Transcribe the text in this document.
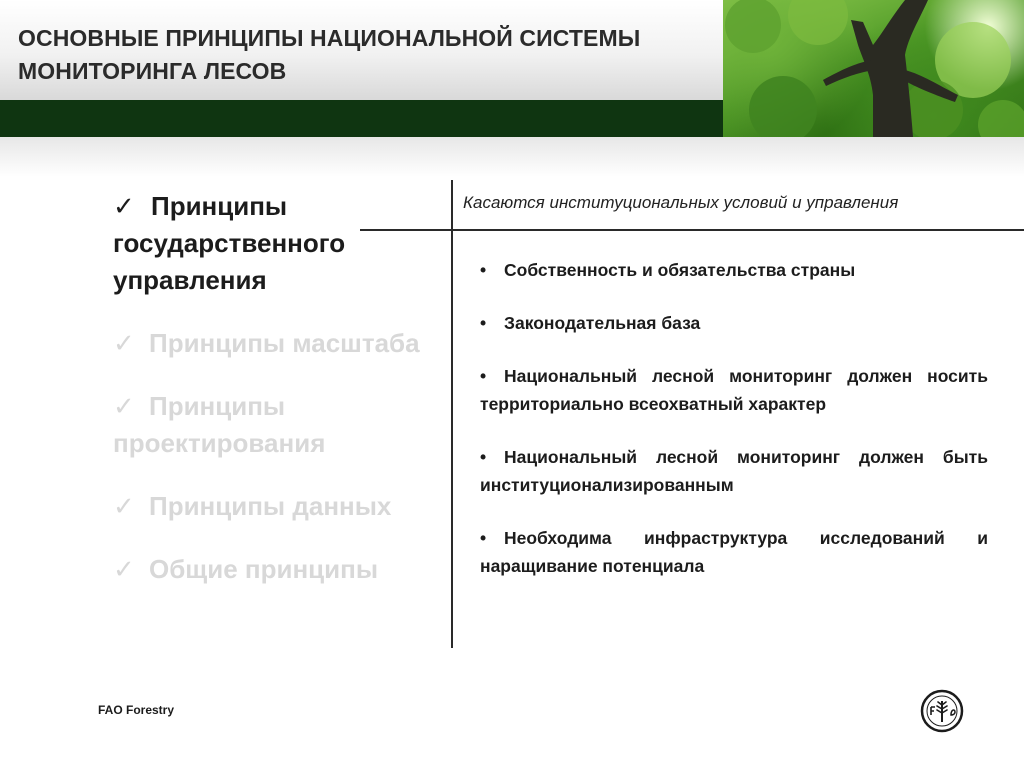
ОСНОВНЫЕ ПРИНЦИПЫ НАЦИОНАЛЬНОЙ СИСТЕМЫ МОНИТОРИНГА ЛЕСОВ
✓ Принципы государственного управления
✓ Принципы масштаба
✓ Принципы проектирования
✓ Принципы данных
✓ Общие принципы
Касаются институциональных условий и управления
• Собственность и обязательства страны
• Законодательная база
• Национальный лесной мониторинг должен носить территориально всеохватный характер
• Национальный лесной мониторинг должен быть институционализированным
• Необходима инфраструктура исследований и наращивание потенциала
FAO Forestry
